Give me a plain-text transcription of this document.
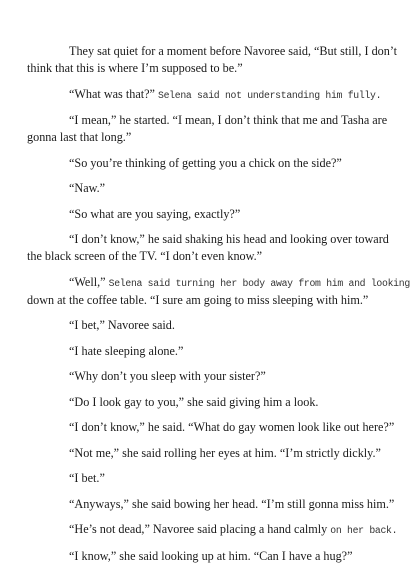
They sat quiet for a moment before Navoree said, “But still, I don’t
think that this is where I’m supposed to be.”

“What was that?” Selena said not understanding him fully.

“I mean,” he started. “I mean, I don’t think that me and Tasha are
gonna last that long.”

“So you’re thinking of getting you a chick on the side?”

“Naw.”

“So what are you saying, exactly?”

“I don’t know,” he said shaking his head and looking over toward
the black screen of the TV. “I don’t even know.”

“Well,” Selena said turning her body away from him and looking
down at the coffee table. “I sure am going to miss sleeping with him.”

“I bet,” Navoree said.

“I hate sleeping alone.”

“Why don’t you sleep with your sister?”

“Do I look gay to you,” she said giving him a look.

“I don’t know,” he said. “What do gay women look like out here?”

“Not me,” she said rolling her eyes at him. “I’m strictly dickly.”

“I bet.”

“Anyways,” she said bowing her head. “I’m still gonna miss him.”

“He’s not dead,” Navoree said placing a hand calmly on her back.

“I know,” she said looking up at him. “Can I have a hug?”
